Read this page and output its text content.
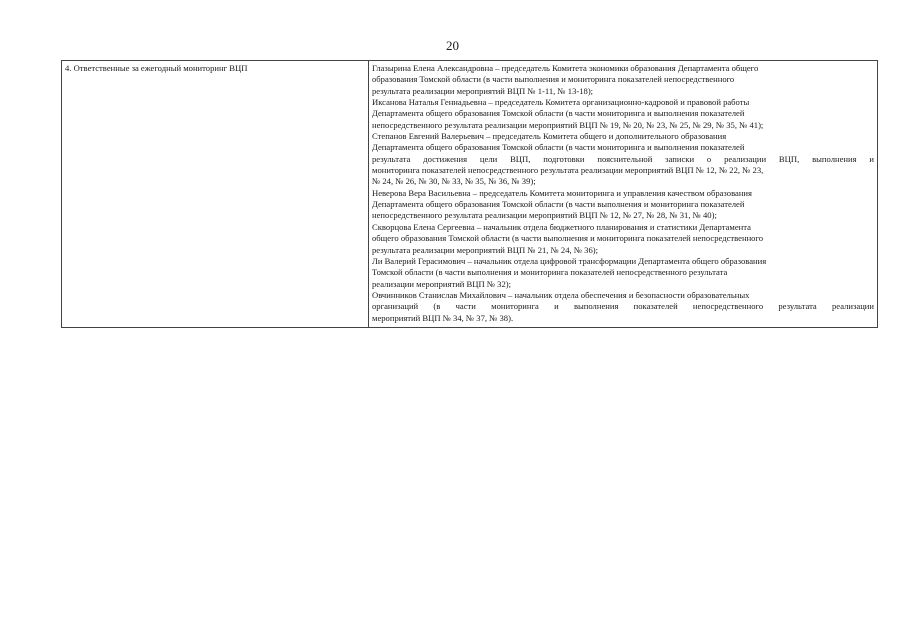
20
4. Ответственные за ежегодный мониторинг ВЦП	Глазырина Елена Александровна – председатель Комитета экономики образования Департамента общего
образования Томской области (в части выполнения и мониторинга показателей непосредственного
результата реализации мероприятий ВЦП № 1-11, № 13-18);
Иксанова Наталья Геннадьевна – председатель Комитета организационно-кадровой и правовой работы
Департамента общего образования Томской области (в части мониторинга и выполнения показателей
непосредственного результата реализации мероприятий ВЦП № 19, № 20, № 23, № 25, № 29, № 35, № 41);
Степанов Евгений Валерьевич – председатель Комитета общего и дополнительного образования
Департамента общего образования Томской области (в части мониторинга и выполнения показателей
результата достижения цели ВЦП, подготовки пояснительной записки о реализации ВЦП, выполнения и
мониторинга показателей непосредственного результата реализации мероприятий ВЦП № 12, № 22, № 23,
№ 24, № 26, № 30, № 33, № 35, № 36, № 39);
Неверова Вера Васильевна – председатель Комитета мониторинга и управления качеством образования
Департамента общего образования Томской области (в части выполнения и мониторинга показателей
непосредственного результата реализации мероприятий ВЦП № 12, № 27, № 28, № 31, № 40);
Скворцова Елена Сергеевна – начальник отдела бюджетного планирования и статистики Департамента
общего образования Томской области (в части выполнения и мониторинга показателей непосредственного
результата реализации мероприятий ВЦП № 21, № 24, № 36);
Ли Валерий Герасимович – начальник отдела цифровой трансформации Департамента общего образования
Томской области (в части выполнения и мониторинга показателей непосредственного результата
реализации мероприятий ВЦП № 32);
Овчинников Станислав Михайлович – начальник отдела обеспечения и безопасности образовательных
организаций (в части мониторинга и выполнения показателей непосредственного результата реализации
мероприятий ВЦП № 34, № 37, № 38).
